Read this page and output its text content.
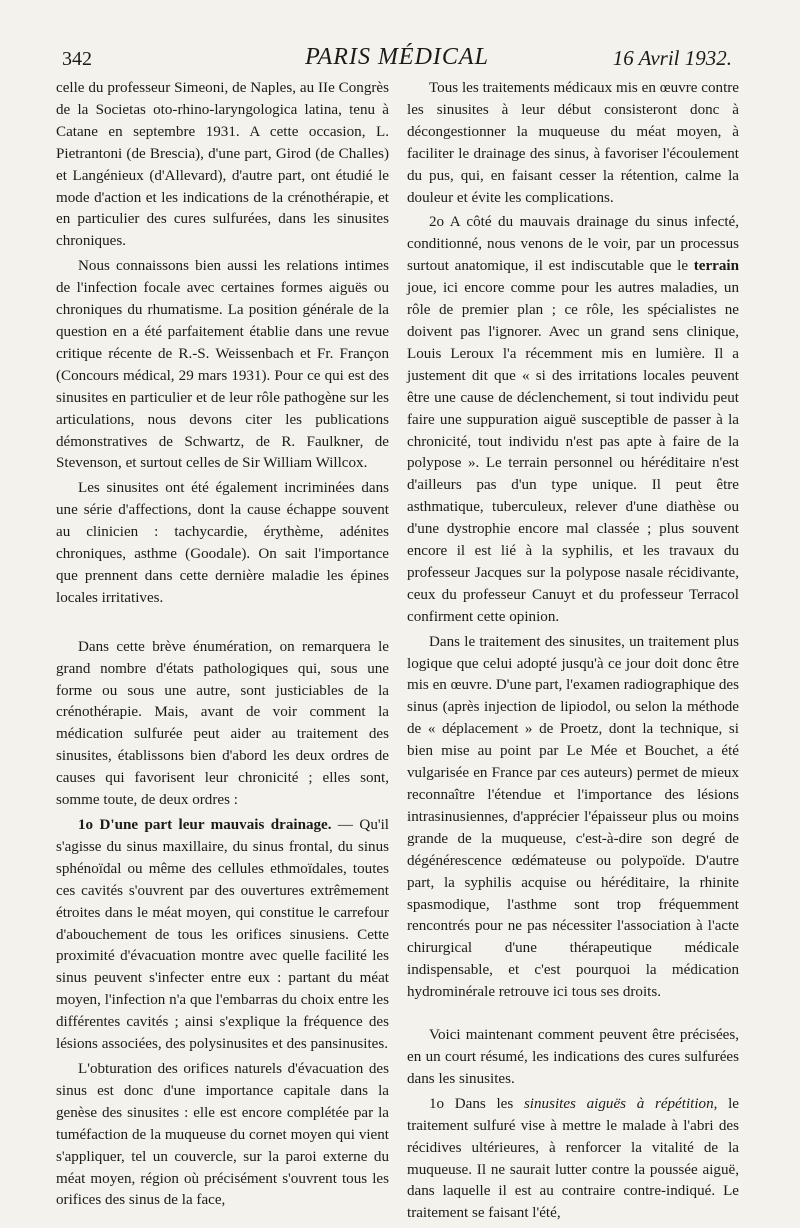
342	PARIS MÉDICAL	16 Avril 1932.

celle du professeur Simeoni, de Naples, au IIe Congrès de la Societas oto-rhino-laryngologica latina, tenu à Catane en septembre 1931. A cette occasion, L. Pietrantoni (de Brescia), d'une part, Girod (de Challes) et Langénieux (d'Allevard), d'autre part, ont étudié le mode d'action et les indications de la crénothérapie, et en particulier des cures sulfurées, dans les sinusites chroniques.

Nous connaissons bien aussi les relations intimes de l'infection focale avec certaines formes aiguës ou chroniques du rhumatisme. La position générale de la question en a été parfaitement établie dans une revue critique récente de R.-S. Weissenbach et Fr. Françon (Concours médical, 29 mars 1931). Pour ce qui est des sinusites en particulier et de leur rôle pathogène sur les articulations, nous devons citer les publications démonstratives de Schwartz, de R. Faulkner, de Stevenson, et surtout celles de Sir William Willcox.

Les sinusites ont été également incriminées dans une série d'affections, dont la cause échappe souvent au clinicien : tachycardie, érythème, adénites chroniques, asthme (Goodale). On sait l'importance que prennent dans cette dernière maladie les épines locales irritatives.

Dans cette brève énumération, on remarquera le grand nombre d'états pathologiques qui, sous une forme ou sous une autre, sont justiciables de la crénothérapie. Mais, avant de voir comment la médication sulfurée peut aider au traitement des sinusites, établissons bien d'abord les deux ordres de causes qui favorisent leur chronicité ; elles sont, somme toute, de deux ordres :

1o D'une part leur mauvais drainage. — Qu'il s'agisse du sinus maxillaire, du sinus frontal, du sinus sphénoïdal ou même des cellules ethmoïdales, toutes ces cavités s'ouvrent par des ouvertures extrêmement étroites dans le méat moyen, qui constitue le carrefour d'abouchement de tous les orifices sinusiens. Cette proximité d'évacuation montre avec quelle facilité les sinus peuvent s'infecter entre eux : partant du méat moyen, l'infection n'a que l'embarras du choix entre les différentes cavités ; ainsi s'explique la fréquence des lésions associées, des polysinusites et des pansinusites.

L'obturation des orifices naturels d'évacuation des sinus est donc d'une importance capitale dans la genèse des sinusites : elle est encore complétée par la tuméfaction de la muqueuse du cornet moyen qui vient s'appliquer, tel un couvercle, sur la paroi externe du méat moyen, région où précisément s'ouvrent tous les orifices des sinus de la face,

Tous les traitements médicaux mis en œuvre contre les sinusites à leur début consisteront donc à décongestionner la muqueuse du méat moyen, à faciliter le drainage des sinus, à favoriser l'écoulement du pus, qui, en faisant cesser la rétention, calme la douleur et évite les complications.

2o A côté du mauvais drainage du sinus infecté, conditionné, nous venons de le voir, par un processus surtout anatomique, il est indiscutable que le terrain joue, ici encore comme pour les autres maladies, un rôle de premier plan ; ce rôle, les spécialistes ne doivent pas l'ignorer. Avec un grand sens clinique, Louis Leroux l'a récemment mis en lumière. Il a justement dit que « si des irritations locales peuvent être une cause de déclenchement, si tout individu peut faire une suppuration aiguë susceptible de passer à la chronicité, tout individu n'est pas apte à faire de la polypose ». Le terrain personnel ou héréditaire n'est d'ailleurs pas d'un type unique. Il peut être asthmatique, tuberculeux, relever d'une diathèse ou d'une dystrophie encore mal classée ; plus souvent encore il est lié à la syphilis, et les travaux du professeur Jacques sur la polypose nasale récidivante, ceux du professeur Canuyt et du professeur Terracol confirment cette opinion.

Dans le traitement des sinusites, un traitement plus logique que celui adopté jusqu'à ce jour doit donc être mis en œuvre. D'une part, l'examen radiographique des sinus (après injection de lipiodol, ou selon la méthode de « déplacement » de Proetz, dont la technique, si bien mise au point par Le Mée et Bouchet, a été vulgarisée en France par ces auteurs) permet de mieux reconnaître l'étendue et l'importance des lésions intrasinusiennes, d'apprécier l'épaisseur plus ou moins grande de la muqueuse, c'est-à-dire son degré de dégénérescence œdémateuse ou polypoïde. D'autre part, la syphilis acquise ou héréditaire, la rhinite spasmodique, l'asthme sont trop fréquemment rencontrés pour ne pas nécessiter l'association à l'acte chirurgical d'une thérapeutique médicale indispensable, et c'est pourquoi la médication hydrominérale retrouve ici tous ses droits.

Voici maintenant comment peuvent être précisées, en un court résumé, les indications des cures sulfurées dans les sinusites.

1o Dans les sinusites aiguës à répétition, le traitement sulfuré vise à mettre le malade à l'abri des récidives ultérieures, à renforcer la vitalité de la muqueuse. Il ne saurait lutter contre la poussée aiguë, dans laquelle il est au contraire contre-indiqué. Le traitement se faisant l'été,
